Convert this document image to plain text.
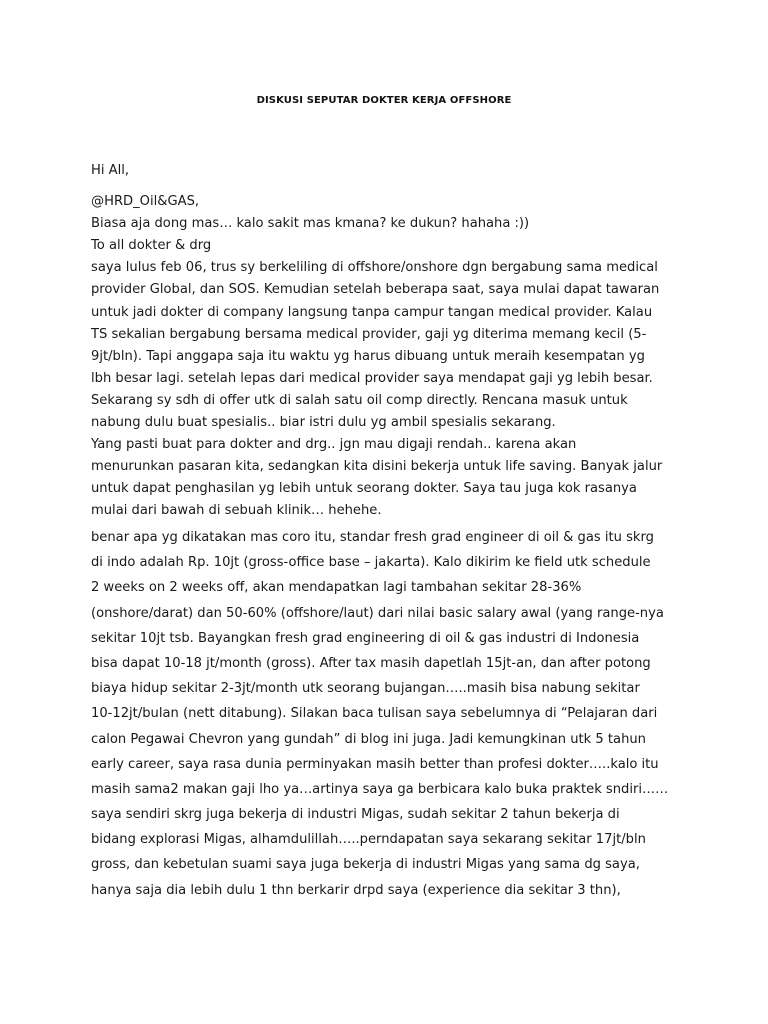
DISKUSI SEPUTAR DOKTER KERJA OFFSHORE
Hi All,
@HRD_Oil&GAS,
Biasa aja dong mas… kalo sakit mas kmana? ke dukun? hahaha :))
To all dokter & drg
saya lulus feb 06, trus sy berkeliling di offshore/onshore dgn bergabung sama medical
provider Global, dan SOS. Kemudian setelah beberapa saat, saya mulai dapat tawaran
untuk jadi dokter di company langsung tanpa campur tangan medical provider. Kalau
TS sekalian bergabung bersama medical provider, gaji yg diterima memang kecil (5-
9jt/bln). Tapi anggapa saja itu waktu yg harus dibuang untuk meraih kesempatan yg
lbh besar lagi. setelah lepas dari medical provider saya mendapat gaji yg lebih besar.
Sekarang sy sdh di offer utk di salah satu oil comp directly. Rencana masuk untuk
nabung dulu buat spesialis.. biar istri dulu yg ambil spesialis sekarang.
Yang pasti buat para dokter and drg.. jgn mau digaji rendah.. karena akan
menurunkan pasaran kita, sedangkan kita disini bekerja untuk life saving. Banyak jalur
untuk dapat penghasilan yg lebih untuk seorang dokter. Saya tau juga kok rasanya
mulai dari bawah di sebuah klinik… hehehe.
benar apa yg dikatakan mas coro itu, standar fresh grad engineer di oil & gas itu skrg
di indo adalah Rp. 10jt (gross-office base – jakarta). Kalo dikirim ke field utk schedule
2 weeks on 2 weeks off, akan mendapatkan lagi tambahan sekitar 28-36%
(onshore/darat) dan 50-60% (offshore/laut) dari nilai basic salary awal (yang range-nya
sekitar 10jt tsb. Bayangkan fresh grad engineering di oil & gas industri di Indonesia
bisa dapat 10-18 jt/month (gross). After tax masih dapetlah 15jt-an, dan after potong
biaya hidup sekitar 2-3jt/month utk seorang bujangan…..masih bisa nabung sekitar
10-12jt/bulan (nett ditabung). Silakan baca tulisan saya sebelumnya di “Pelajaran dari
calon Pegawai Chevron yang gundah” di blog ini juga. Jadi kemungkinan utk 5 tahun
early career, saya rasa dunia perminyakan masih better than profesi dokter…..kalo itu
masih sama2 makan gaji lho ya…artinya saya ga berbicara kalo buka praktek sndiri……
saya sendiri skrg juga bekerja di industri Migas, sudah sekitar 2 tahun bekerja di
bidang explorasi Migas, alhamdulillah…..perndapatan saya sekarang sekitar 17jt/bln
gross, dan kebetulan suami saya juga bekerja di industri Migas yang sama dg saya,
hanya saja dia lebih dulu 1 thn berkarir drpd saya (experience dia sekitar 3 thn),
